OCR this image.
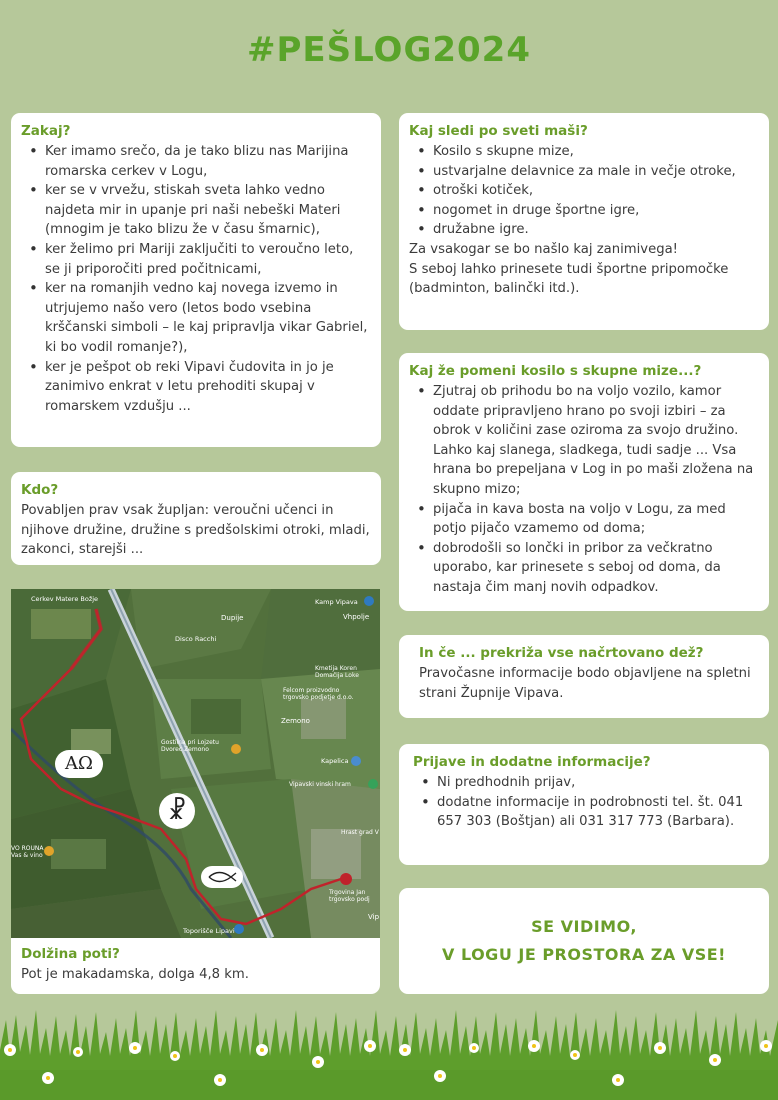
#PEŠLOG2024
Zakaj?
• Ker imamo srečo, da je tako blizu nas Marijina romarska cerkev v Logu,
• ker se v vrvežu, stiskah sveta lahko vedno najdeta mir in upanje pri naši nebeški Materi (mnogim je tako blizu že v času šmarnic),
• ker želimo pri Mariji zaključiti to veroučno leto, se ji priporočiti pred počitnicami,
• ker na romanjih vedno kaj novega izvemo in utrjujemo našo vero (letos bodo vsebina krščanski simboli – le kaj pripravlja vikar Gabriel, ki bo vodil romanje?),
• ker je pešpot ob reki Vipavi čudovita in jo je zanimivo enkrat v letu prehoditi skupaj v romarskem vzdušju ...
Kdo?

Povabljen prav vsak župljan: veroučni učenci in njihove družine, družine s predšolskimi otroki, mladi, zakonci, starejši ...

Cerkev Matere Božje
Dupije
Kamp Vipava
Vhpolje
Disco Racchi
Kmetija Koren Domačija Loke
Felcom proizvodno trgovsko podjetje d.o.o.
Zemono
Gostilna pri Lojzetu Dvorec Zemono
Kapelica
Vipavski vinski hram
Hrast grad V
VO ROUNA Vas & vino
Trgovina Jan trgovsko podj
Toporišče Lipavi
Vip
ΑΩ
☧
Dolžina poti?

Pot je makadamska, dolga 4,8 km.

Kaj sledi po sveti maši?
• Kosilo s skupne mize,
• ustvarjalne delavnice za male in večje otroke,
• otroški kotiček,
• nogomet in druge športne igre,
• družabne igre.

Za vsakogar se bo našlo kaj zanimivega!

S seboj lahko prinesete tudi športne pripomočke (badminton, balinčki itd.).

Kaj že pomeni kosilo s skupne mize...?
• Zjutraj ob prihodu bo na voljo vozilo, kamor oddate pripravljeno hrano po svoji izbiri – za obrok v količini zase oziroma za svojo družino. Lahko kaj slanega, sladkega, tudi sadje ... Vsa hrana bo prepeljana v Log in po maši zložena na skupno mizo;
• pijača in kava bosta na voljo v Logu, za med potjo pijačo vzamemo od doma;
• dobrodošli so lončki in pribor za večkratno uporabo, kar prinesete s seboj od doma, da nastaja čim manj novih odpadkov.
In če ... prekriža vse načrtovano dež?

Pravočasne informacije bodo objavljene na spletni strani Župnije Vipava.

Prijave in dodatne informacije?
• Ni predhodnih prijav,
• dodatne informacije in podrobnosti tel. št. 041 657 303 (Boštjan) ali 031 317 773 (Barbara).
SE VIDIMO,
V LOGU JE PROSTORA ZA VSE!
